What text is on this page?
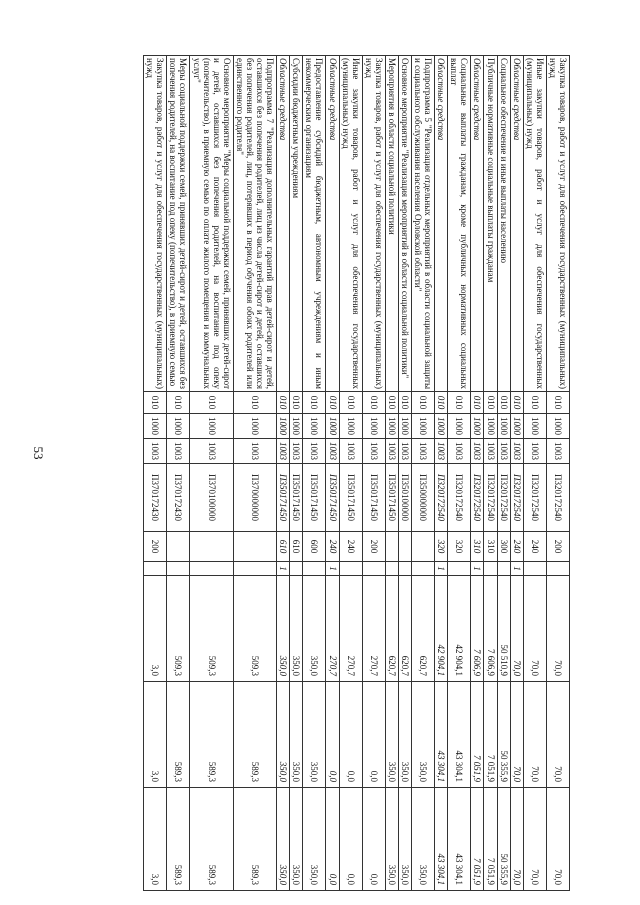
53
Закупка товаров, работ и услуг для обеспечения государственных (муниципальных) нужд	010	1000	1003	П320172540	200		70,0	70,0	70,0
Иные закупки товаров, работ и услуг для обеспечения государственных (муниципальных) нужд	010	1000	1003	П320172540	240		70,0	70,0	70,0
Областные средства	010	1000	1003	П320172540	240	1	70,0	70,0	70,0
Социальное обеспечение и иные выплаты населению	010	1000	1003	П320172540	300		50 510,9	50 355,9	50 355,9
Публичные нормативные социальные выплаты гражданам	010	1000	1003	П320172540	310		7 606,9	7 051,9	7 051,9
Областные средства	010	1000	1003	П320172540	310	1	7 606,9	7 051,9	7 051,9
Социальные выплаты гражданам, кроме публичных нормативных социальных выплат	010	1000	1003	П320172540	320		42 904,1	43 304,1	43 304,1
Областные средства	010	1000	1003	П320172540	320	1	42 904,1	43 304,1	43 304,1
Подпрограмма 5 "Реализация отдельных мероприятий в области социальной защиты и социального обслуживания населения Орловской области"	010	1000	1003	П350000000			620,7	350,0	350,0
Основное мероприятие "Реализация мероприятий в области социальной политики"	010	1000	1003	П350100000			620,7	350,0	350,0
Мероприятия в области социальной политики	010	1000	1003	П350171450			620,7	350,0	350,0
Закупка товаров, работ и услуг для обеспечения государственных (муниципальных) нужд	010	1000	1003	П350171450	200		270,7	0,0	0,0
Иные закупки товаров, работ и услуг для обеспечения государственных (муниципальных) нужд	010	1000	1003	П350171450	240		270,7	0,0	0,0
Областные средства	010	1000	1003	П350171450	240	1	270,7	0,0	0,0
Предоставление субсидий бюджетным, автономным учреждениям и иным некоммерческим организациям	010	1000	1003	П350171450	600		350,0	350,0	350,0
Субсидии бюджетным учреждениям	010	1000	1003	П350171450	610		350,0	350,0	350,0
Областные средства	010	1000	1003	П350171450	610	1	350,0	350,0	350,0
Подпрограмма 7 "Реализация дополнительных гарантий прав детей-сирот и детей, оставшихся без попечения родителей, лиц из числа детей-сирот и детей, оставшихся без попечения родителей, лиц, потерявших в период обучения обоих родителей или единственного родителя"	010	1000	1003	П370000000			509,3	589,3	589,3
Основное мероприятие "Меры социальной поддержки семей, принявших детей-сирот и детей, оставшихся без попечения родителей, на воспитание под опеку (попечительство), в приемную семью по оплате жилого помещения и коммунальных услуг"	010	1000	1003	П370100000			509,3	589,3	589,3
Меры социальной поддержки семей, принявших детей-сирот и детей, оставшихся без попечения родителей, на воспитание под опеку (попечительство), в приемную семью	010	1000	1003	П370172430			509,3	589,3	589,3
Закупка товаров, работ и услуг для обеспечения государственных (муниципальных) нужд	010	1000	1003	П370172430	200		3,0	3,0	3,0
